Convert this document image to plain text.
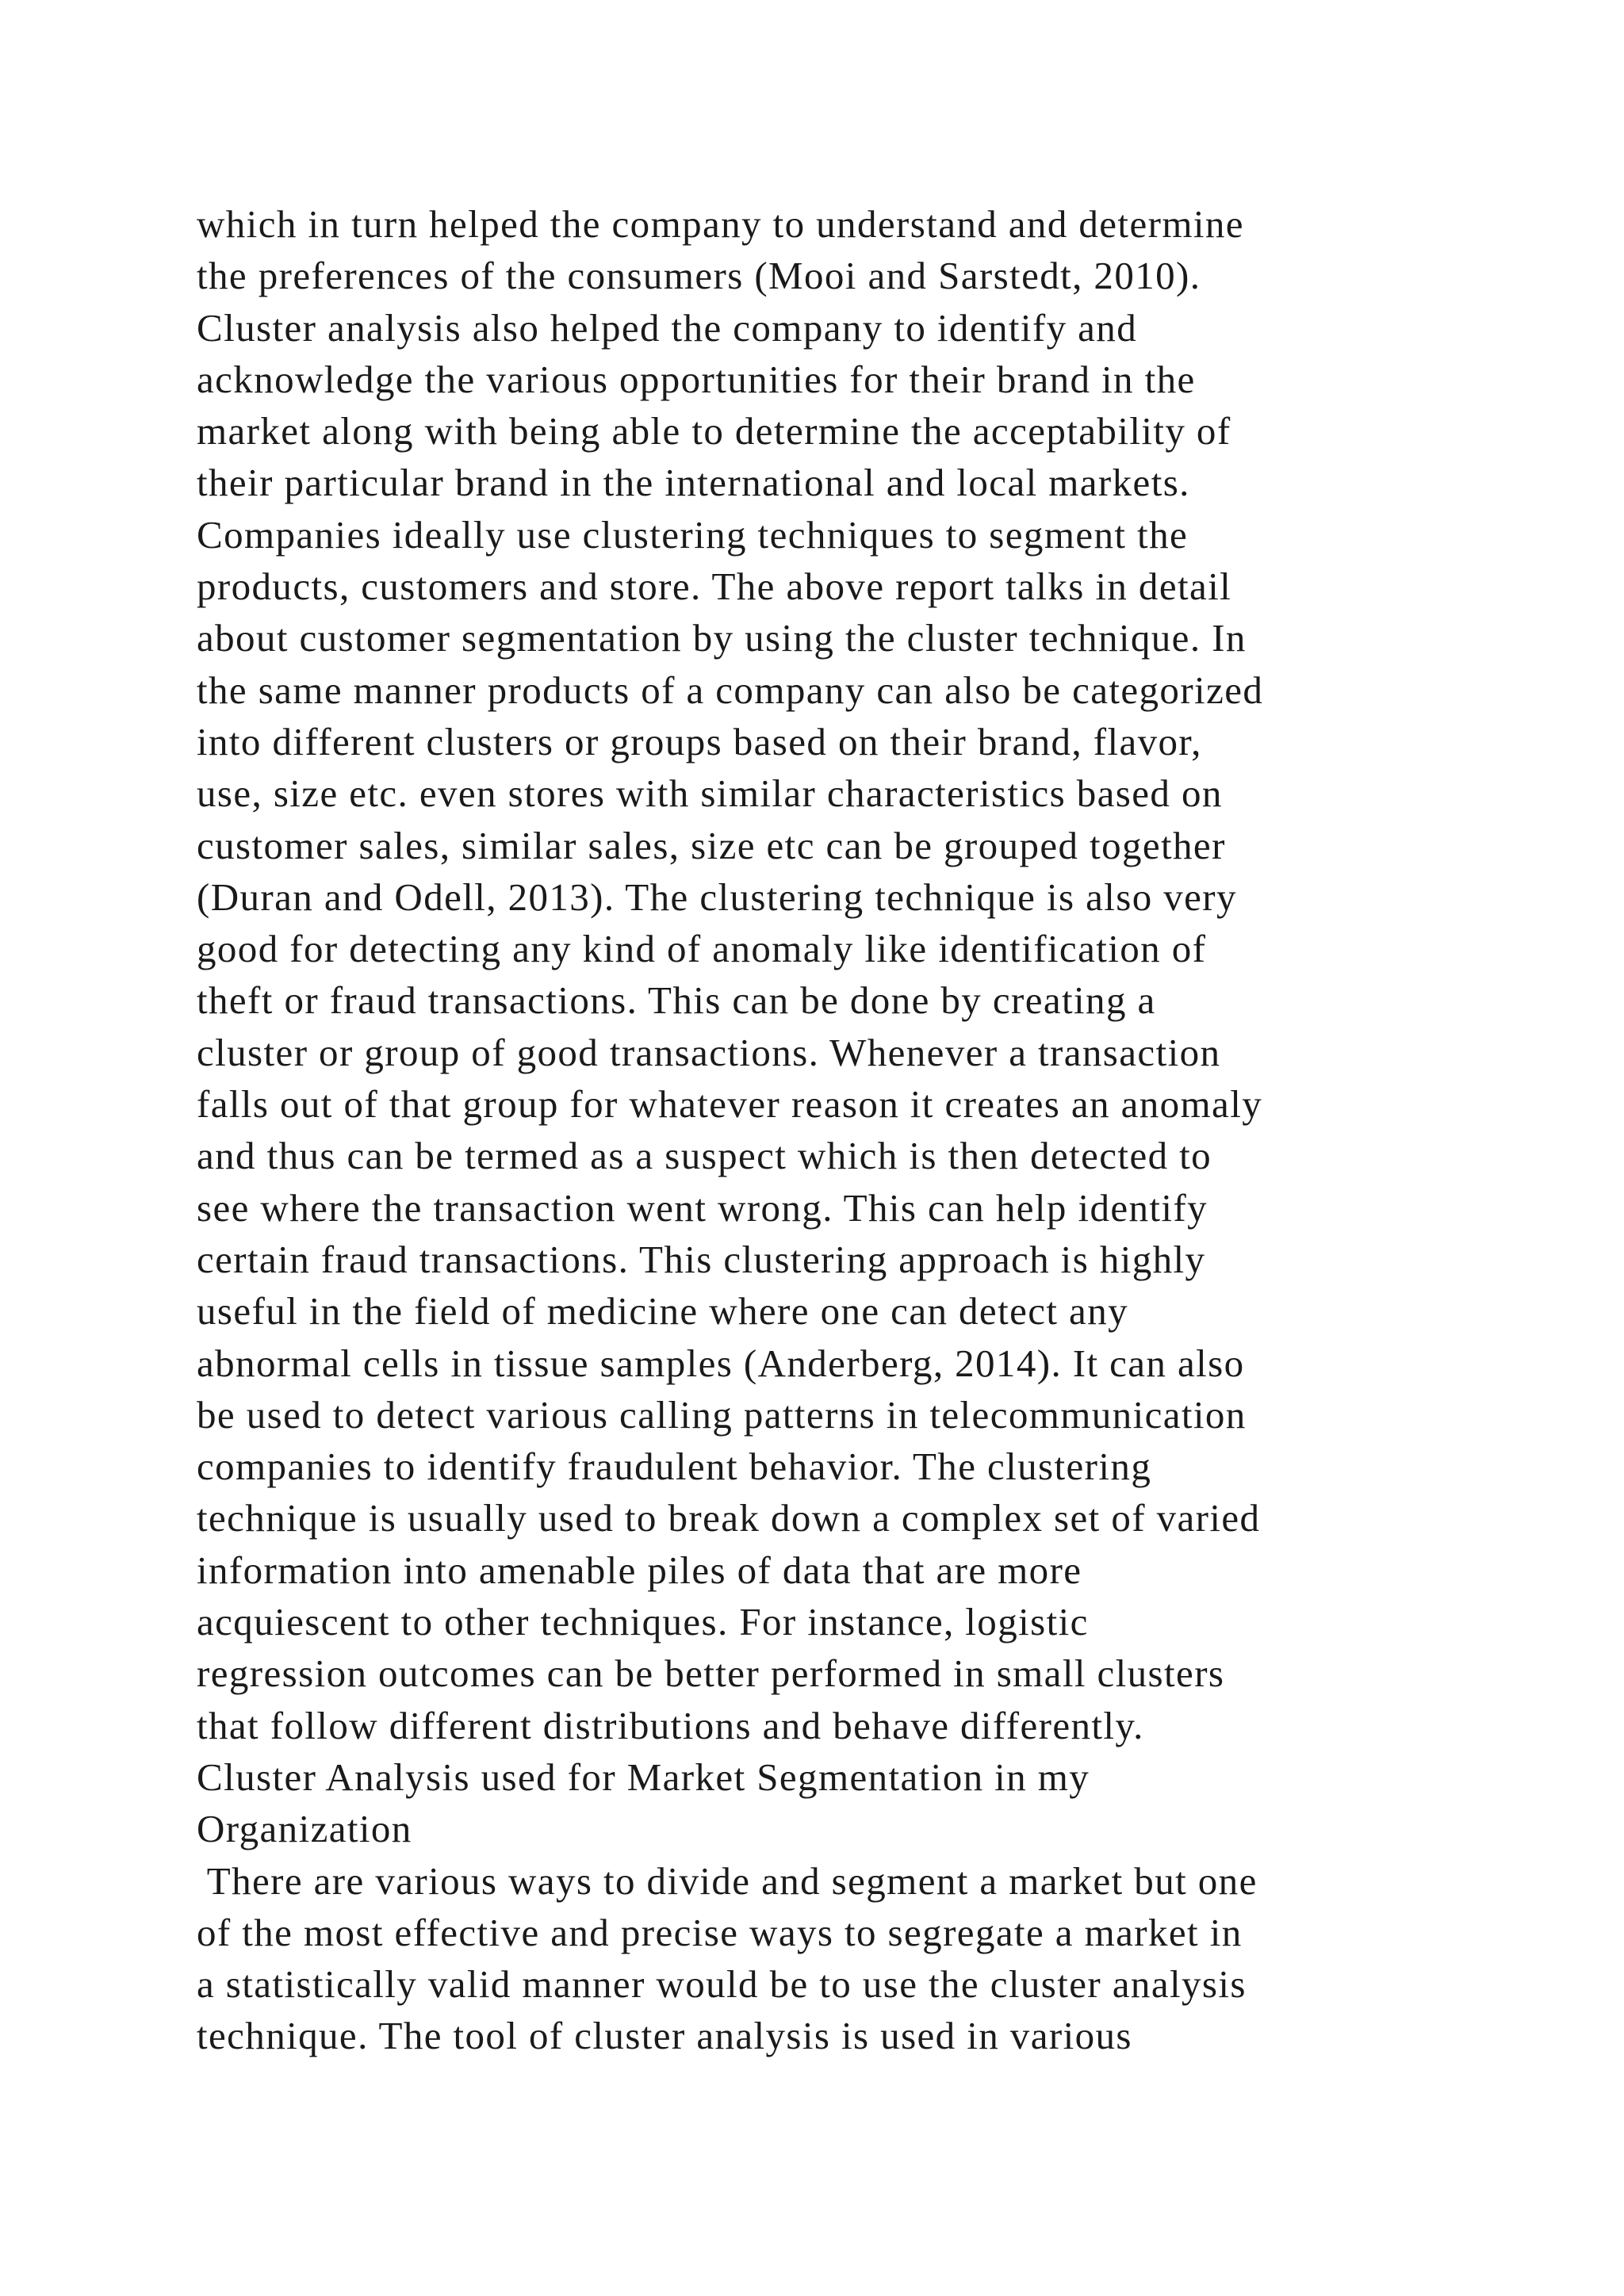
which in turn helped the company to understand and determine
the preferences of the consumers (Mooi and Sarstedt, 2010).
Cluster analysis also helped the company to identify and
acknowledge the various opportunities for their brand in the
market along with being able to determine the acceptability of
their particular brand in the international and local markets.
Companies ideally use clustering techniques to segment the
products, customers and store. The above report talks in detail
about customer segmentation by using the cluster technique. In
the same manner products of a company can also be categorized
into different clusters or groups based on their brand, flavor,
use, size etc. even stores with similar characteristics based on
customer sales, similar sales, size etc can be grouped together
(Duran and Odell, 2013). The clustering technique is also very
good for detecting any kind of anomaly like identification of
theft or fraud transactions. This can be done by creating a
cluster or group of good transactions. Whenever a transaction
falls out of that group for whatever reason it creates an anomaly
and thus can be termed as a suspect which is then detected to
see where the transaction went wrong. This can help identify
certain fraud transactions. This clustering approach is highly
useful in the field of medicine where one can detect any
abnormal cells in tissue samples (Anderberg, 2014). It can also
be used to detect various calling patterns in telecommunication
companies to identify fraudulent behavior. The clustering
technique is usually used to break down a complex set of varied
information into amenable piles of data that are more
acquiescent to other techniques. For instance, logistic
regression outcomes can be better performed in small clusters
that follow different distributions and behave differently.
Cluster Analysis used for Market Segmentation in my
Organization
There are various ways to divide and segment a market but one
of the most effective and precise ways to segregate a market in
a statistically valid manner would be to use the cluster analysis
technique. The tool of cluster analysis is used in various
